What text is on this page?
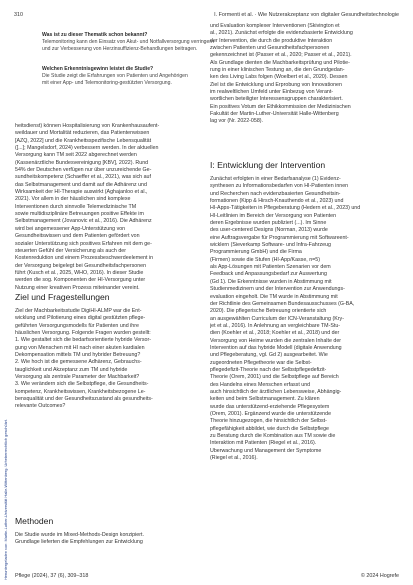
310	I. Formenti et al. · Wie Nutzerakzeptanz von digitaler Gesundheitstechnologie
Heruntergeladen von: Martin-Luther-Universität Halle-Wittenberg. Urheberrechtlich geschützt.
Was ist zu dieser Thematik schon bekannt?
Telemonitoring kann den Einsatz von Akut- und Notfallversorgung verringern
und zur Verbesserung von Herzinsuffizienz-Behandlungen beitragen.
Welchen Erkenntnisgewinn leistet die Studie?
Die Studie zeigt die Erfahrungen von Patienten und Angehörigen
mit einer App- und Telemonitoring-gestützten Versorgung.
heitsdienst) können Hospitalisierung von Krankenhausaufent-
weildauer und Mortalität reduzieren, das Patientenwissen
[AZQ, 2022] und die Krankheitsspezifische Lebensqualität
([...]; Mangelsdorf, 2024) verbessern werden. In der aktuellen
Versorgung kann TM seit 2022 abgerechnet werden
(Kassenärztliche Bundesvereinigung [KBV], 2022). Rund
54% der Deutschen verfügen nur über unzureichende Ge-
sundheitskompetenz (Schaeffer et al., 2021), was sich auf
das Selbstmanagement und damit auf die Adhärenz und
Wirksamkeit der HI-Therapie auswirkt (Aghajanloo et al.,
2021). Vor allem in der häuslichen sind komplexe
Interventionen durch sinnvolle Telemedizinische TM
sowie multidisziplinäre Betreuungen positive Effekte im
Selbstmanagement (Jovanovic et al., 2016). Die Adhärenz
wird bei angemessener App-Unterstützung von
Gesundheitswissen und dem Patienten gefördert von
sozialer Unterstützung sich positives Erfahren mit dem ge-
steuerten Gefühl der Versicherung als auch der
Kostenreduktion und einem Prozessbeschwerdeelement in
der Versorgung beigelegt bei Gesundheitsfachpersonen
führt (Kusch et al., 2025, WHO, 2016). In dieser Studie
werden die sog. Komponenten der HI-Versorgung unter
Nutzung einer kreativen Prozess miteinander vereint.
Ziel und Fragestellungen
Ziel der Machbarkeitsstudie DigiHI-ALMP war die Ent-
wicklung und Pilotierung eines digital gestützten pflege-
geführten Versorgungsmodells für Patienten und ihre
häuslichen Versorgung. Folgende Fragen wurden gestellt:
1. Wie gestaltet sich die bedarfsorientierte hybride Versor-
gung von Menschen mit HI nach einer akuten kardialen
Dekompensation mittels TM und hybrider Betreuung?
2. Wie hoch ist die gemessene Adhärenz, Gebrauchs-
tauglichkeit und Akzeptanz zum TM und hybride
Versorgung als zentrale Parameter der Machbarkeit?
3. Wie verändern sich die Selbstpflege, die Gesundheits-
kompetenz, Krankheitswissen, Krankheitsbezogene Le-
bensqualität und der Gesundheitszustand als gesundheits-
relevante Outcomes?
Methoden
Die Studie wurde im Mixed-Methods-Design konzipiert.
Grundlage lieferten die Empfehlungen zur Entwicklung
und Evaluation komplexer Interventionen (Skivington et
al., 2021). Zunächst erfolgte die evidenzbasierte Entwicklung
der Intervention, die durch die produktive Interaktion
zwischen Patienten und Gesundheitsfachpersonen
gekennzeichnet ist (Passer et al., 2020; Passer et al., 2021).
Als Grundlage dienten die Machbarkeitsprüfung und Pilotie-
rung in einer klinischen Testung an, die den Grundgedan-
ken des Living Labs folgen (Woelbert et al., 2020). Dessen
Ziel ist die Entwicklung und Erprobung von Innovationen
im realweltlichen Umfeld unter Einbezug von Verant-
wortlichen beteiligter Interessensgruppen charakterisiert.
Ein positives Votum der Ethikkommission der Medizinischen
Fakultät der Martin-Luther-Universität Halle-Wittenberg
lag vor (Nr. 2022-058).
I: Entwicklung der Intervention
Zunächst erfolgten in einer Bedarfsanalyse (1) Evidenz-
synthesen zu Informationsbedarfen von HI-Patienten innen
und Recherchen nach evidenzbasierten Gesundheitsin-
formationen (Kipp & Hirsch-Knauthendo et al., 2023) und
HI-Apps-Tätigkeiten in Pflegeberatung (Hedern et al., 2023) und
HI-Leitlinien im Bereich der Versorgung von Patienten
deren Ergebnisse wurden publiziert (...). Im Sinne
des user-centered Designs (Norman, 2013) wurde
eine Auftragsvergabe für Programmierung mit Softwareent-
wicklern (Sieverkamp Software- und Infra-Fahrzeug
Programmierung GmbH) und die Firma
(Firmen) sowie die Stufen (HI-App/Kasse, n=5)
als App-Lösungen mit Patienten Szenarien vor dem
Feedback und Anpassungsbedarf zur Auswertung
(Gd 1). Die Erkenntnisse wurden in Abstimmung mit
Studienmedizinern und der Intervention zur Anwendungs-
evaluation eingeholt. Die TM wurde in Abstimmung mit
der Richtlinie des Gemeinsamen Bundesausschusses (G-BA,
2020). Die pflegerische Betreuung orientierte sich
an ausgewählten Curriculum der ICN-Veranstaltung (Kry-
jet et al., 2016). In Anlehnung an vergleichbare TM-Stu-
dien (Koehler et al., 2018; Koehler et al., 2018) und der
Versorgung von Heime wurden die zentralen Inhalte der
Intervention auf das hybride Modell (digitale Anwendung
und Pflegeberatung, vgl. Gd 2) ausgearbeitet. Wie
zugeordneten Pflegetheorie war die Selbst-
pflegedefizit-Theorie nach der Selbstpflegedefizit-
Theorie (Orem, 2001) und die Selbstpflege auf Bereich
des Handelns eines Menschen erfasst und
auch hinsichtlich der ärztlichen Lebensweise, Abhängig-
keiten und beim Selbstmanagement. Zu klären
wurde das unterstützend-erziehende Pflegesystem
(Orem, 2001). Ergänzend wurde die unterstützende
Theorie hinzugezogen, die hinsichtlich der Selbst-
pflegefähigkeit abbildet, wie durch die Selbstpflege
zu Beratung durch die Kombination aus TM sowie die
Interaktion mit Patienten (Riegel et al., 2016).
Überwachung und Management der Symptome
(Riegel et al., 2016).
Pflege (2024), 37 (6), 309–318	© 2024 Hogrefe
